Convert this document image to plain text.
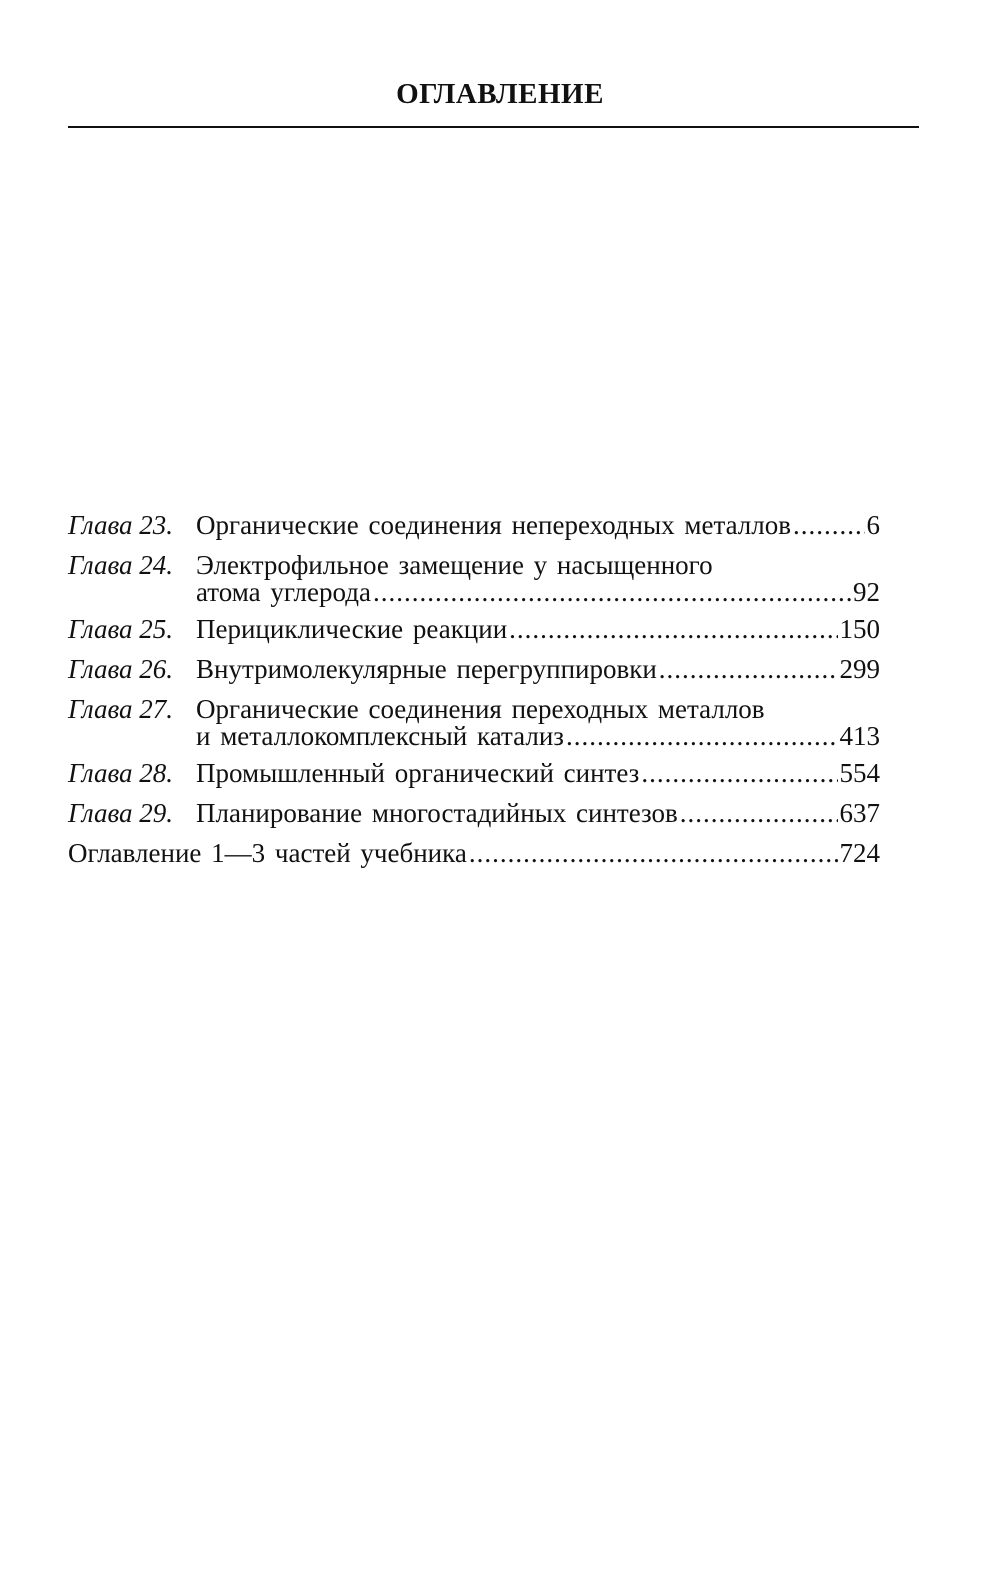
ОГЛАВЛЕНИЕ
Глава 23. Органические соединения непереходных металлов .....	6
Глава 24. Электрофильное замещение у насыщенного
атома углерода .....	92
Глава 25. Перициклические реакции .....	150
Глава 26. Внутримолекулярные перегруппировки .....	299
Глава 27. Органические соединения переходных металлов
и металлокомплексный катализ .....	413
Глава 28. Промышленный органический синтез .....	554
Глава 29. Планирование многостадийных синтезов .....	637
Оглавление 1—3 частей учебника .....	724
